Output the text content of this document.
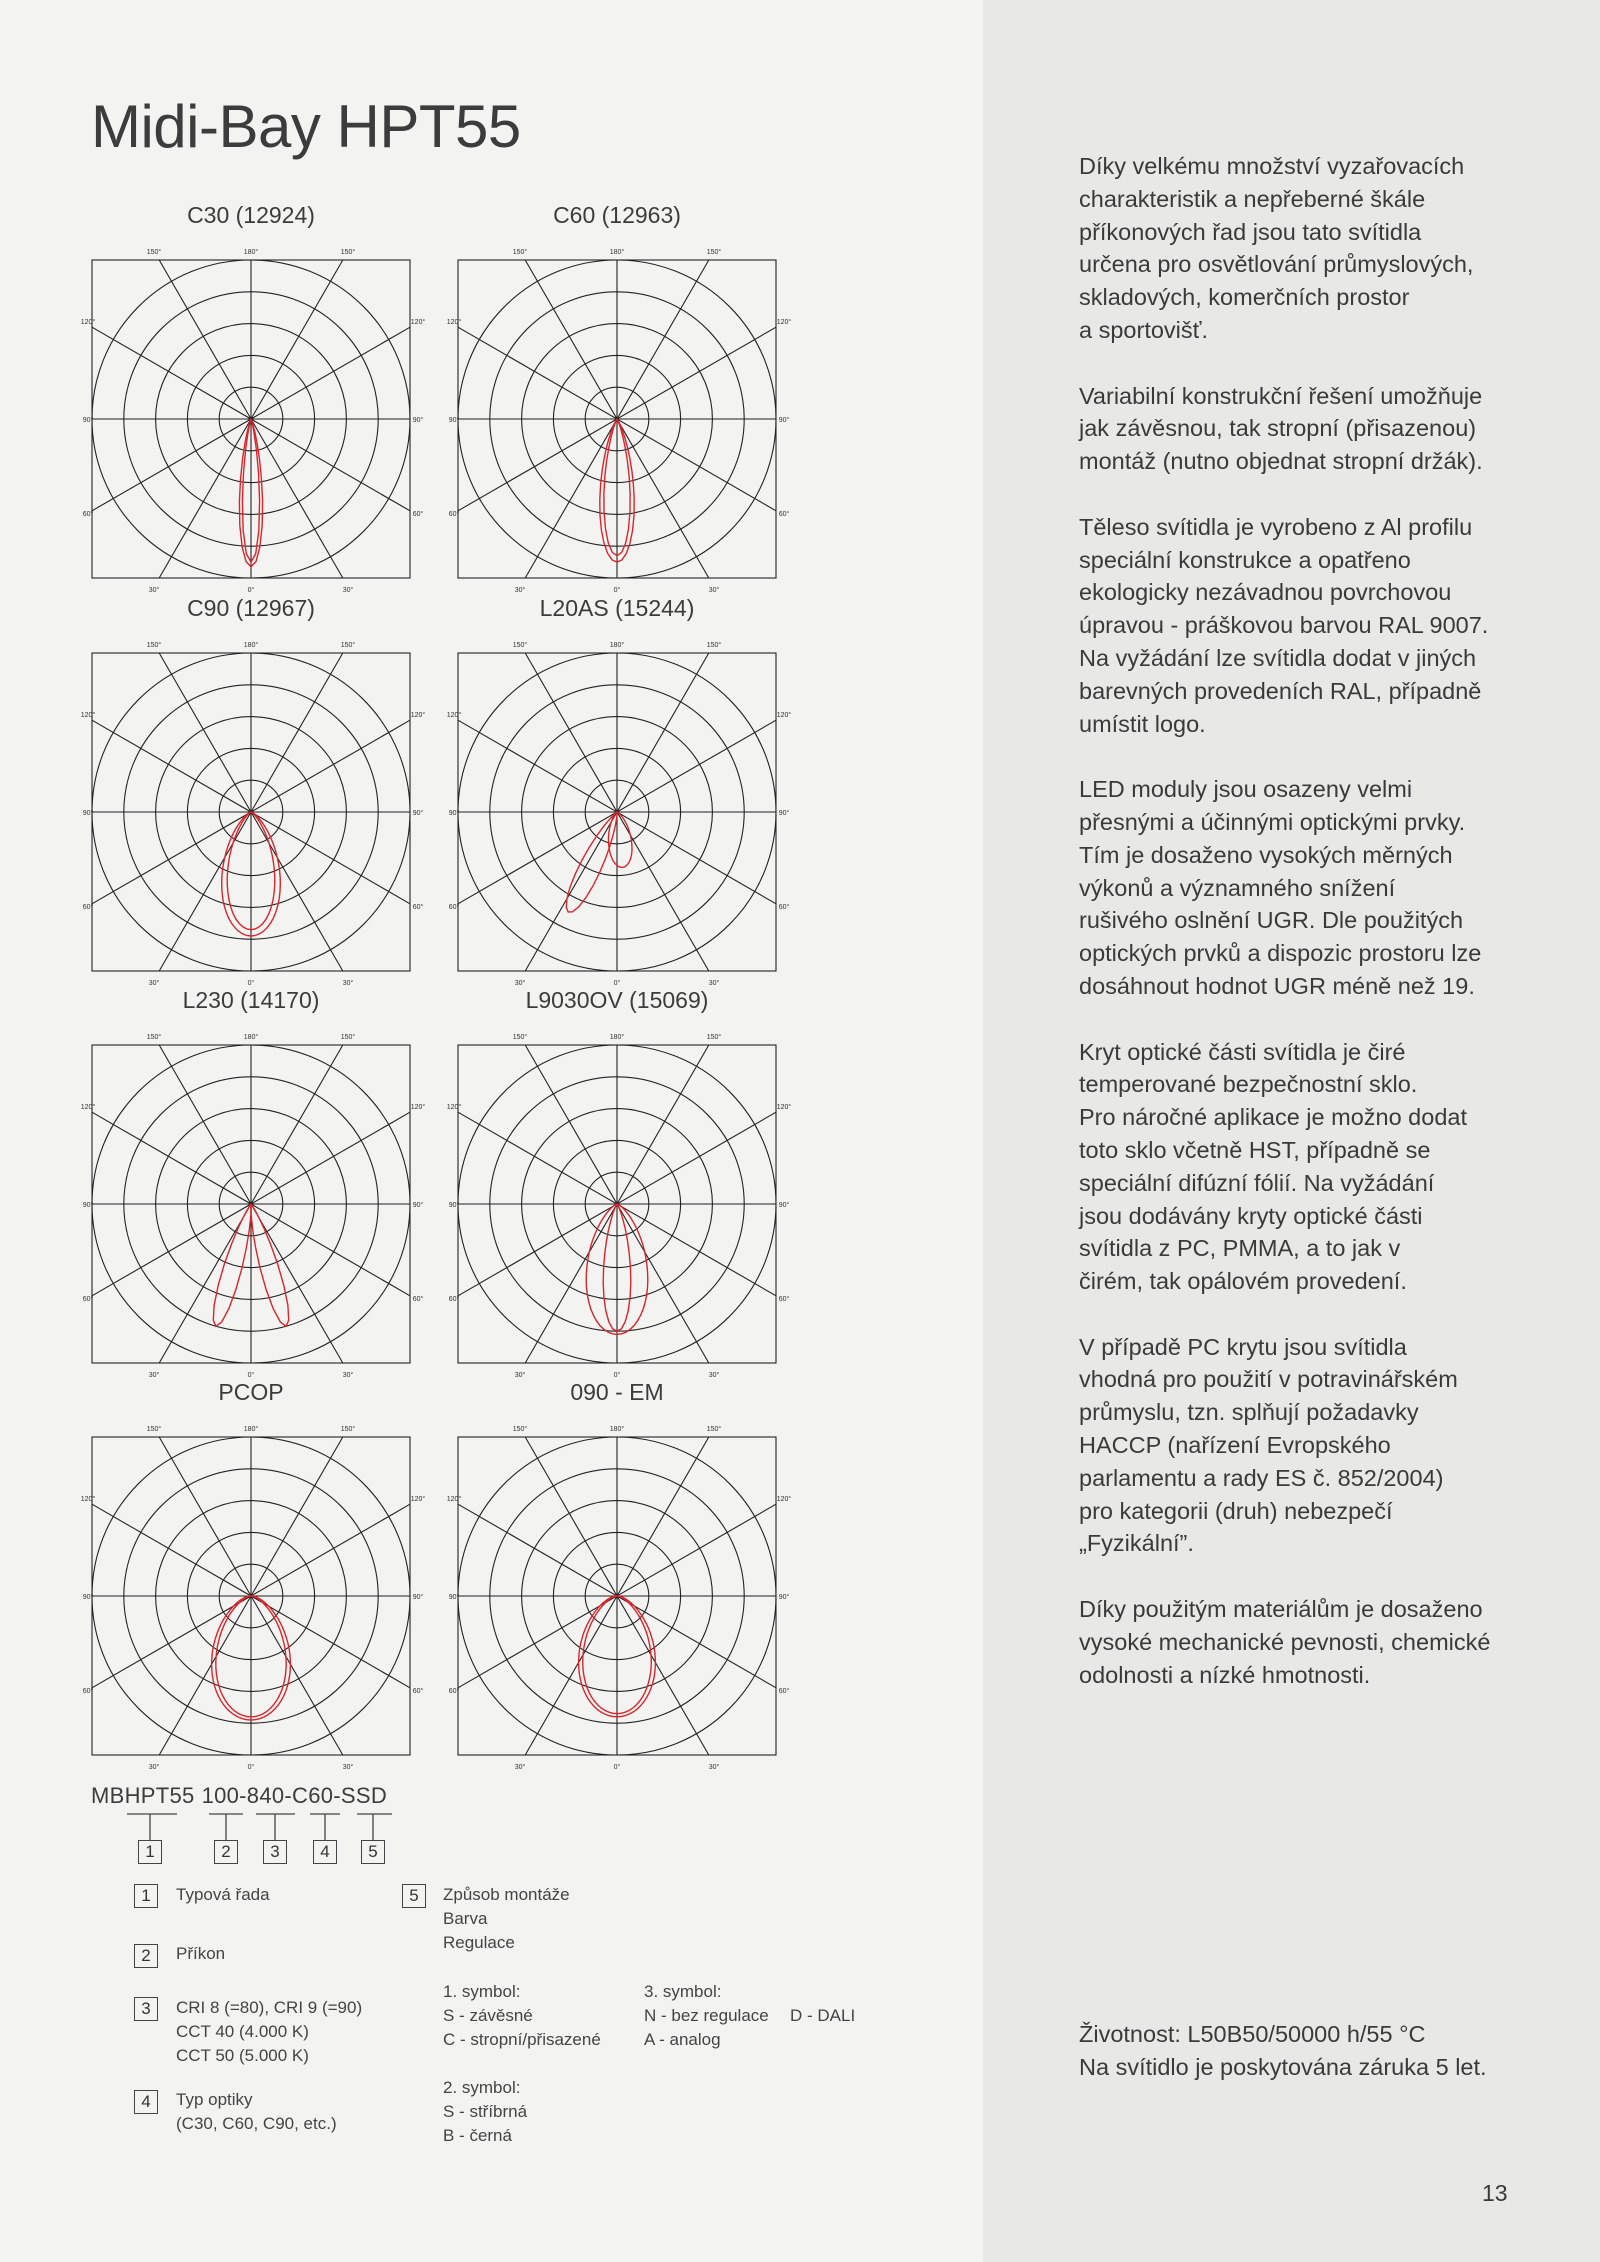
Midi-Bay HPT55
C30 (12924)
150°	180°	150°
120°	120°
90°	90°
60°	60°
30°	0°	30°
C60 (12963)
150°	180°	150°
120°	120°
90°	90°
60°	60°
30°	0°	30°
C90 (12967)
150°	180°	150°
120°	120°
90°	90°
60°	60°
30°	0°	30°
L20AS (15244)
150°	180°	150°
120°	120°
90°	90°
60°	60°
30°	0°	30°
L230 (14170)
150°	180°	150°
120°	120°
90°	90°
60°	60°
30°	0°	30°
L9030OV (15069)
150°	180°	150°
120°	120°
90°	90°
60°	60°
30°	0°	30°
PCOP
150°	180°	150°
120°	120°
90°	90°
60°	60°
30°	0°	30°
090 - EM
150°	180°	150°
120°	120°
90°	90°
60°	60°
30°	0°	30°
MBHPT55 100-840-C60-SSD
1	2	3	4	5
1	Typová řada
2	Příkon
3	CRI 8 (=80), CRI 9 (=90)
CCT 40 (4.000 K)
CCT 50 (5.000 K)
4	Typ optiky
(C30, C60, C90, etc.)
5	Způsob montáže
Barva
Regulace
1. symbol:
S - závěsné
C - stropní/přisazené
2. symbol:
S - stříbrná
B - černá
3. symbol:
N - bez regulace
A - analog
D - DALI

Díky velkému množství vyzařovacích
charakteristik a nepřeberné škále
příkonových řad jsou tato svítidla
určena pro osvětlování průmyslových,
skladových, komerčních prostor
a sportovišť.

Variabilní konstrukční řešení umožňuje
jak závěsnou, tak stropní (přisazenou)
montáž (nutno objednat stropní držák).

Těleso svítidla je vyrobeno z Al profilu
speciální konstrukce a opatřeno
ekologicky nezávadnou povrchovou
úpravou - práškovou barvou RAL 9007.
Na vyžádání lze svítidla dodat v jiných
barevných provedeních RAL, případně
umístit logo.

LED moduly jsou osazeny velmi
přesnými a účinnými optickými prvky.
Tím je dosaženo vysokých měrných
výkonů a významného snížení
rušivého oslnění UGR. Dle použitých
optických prvků a dispozic prostoru lze
dosáhnout hodnot UGR méně než 19.

Kryt optické části svítidla je čiré
temperované bezpečnostní sklo.
Pro náročné aplikace je možno dodat
toto sklo včetně HST, případně se
speciální difúzní fólií. Na vyžádání
jsou dodávány kryty optické části
svítidla z PC, PMMA, a to jak v
čirém, tak opálovém provedení.

V případě PC krytu jsou svítidla
vhodná pro použití v potravinářském
průmyslu, tzn. splňují požadavky
HACCP (nařízení Evropského
parlamentu a rady ES č. 852/2004)
pro kategorii (druh) nebezpečí
„Fyzikální”.

Díky použitým materiálům je dosaženo
vysoké mechanické pevnosti, chemické
odolnosti a nízké hmotnosti.

Životnost: L50B50/50000 h/55 °C
Na svítidlo je poskytována záruka 5 let.
13
